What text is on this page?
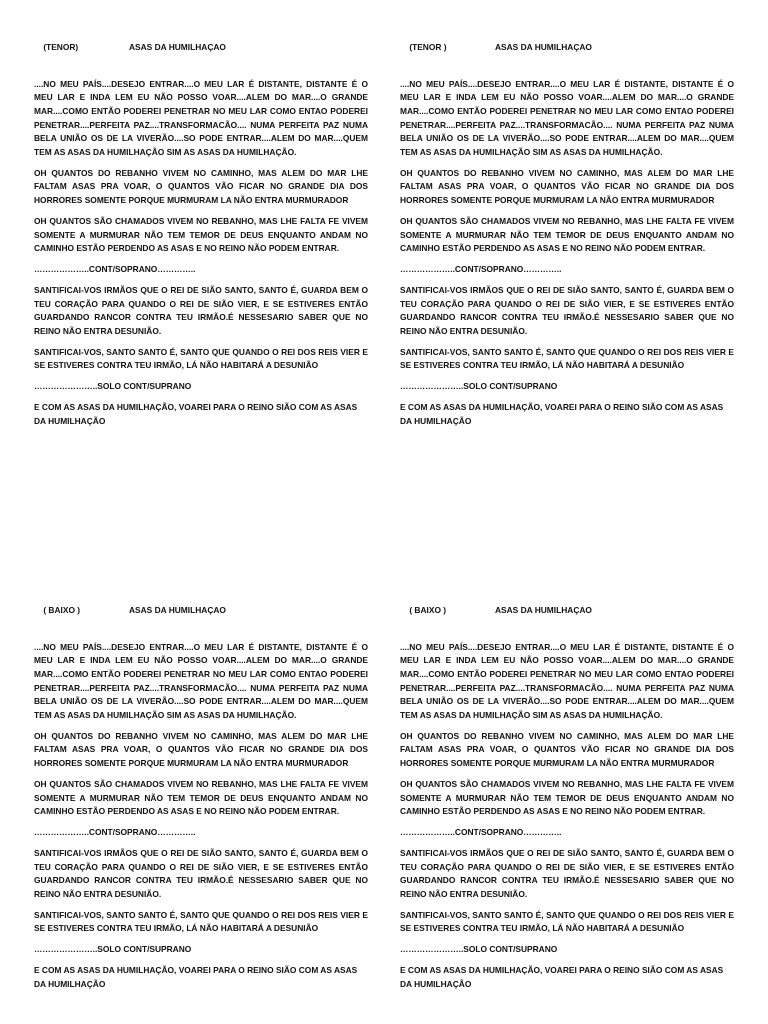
(TENOR)	ASAS DA HUMILHAÇAO

....NO MEU PAÍS....DESEJO ENTRAR....O MEU LAR É DISTANTE, DISTANTE É O MEU LAR E INDA LEM EU NÃO POSSO VOAR....ALEM DO MAR....O GRANDE MAR....COMO ENTÃO PODEREI PENETRAR NO MEU LAR COMO ENTAO PODEREI PENETRAR....PERFEITA PAZ....TRANSFORMACÃO.... NUMA PERFEITA PAZ NUMA BELA UNIÃO OS DE LA VIVERÃO....SO PODE ENTRAR....ALEM DO MAR....QUEM TEM AS ASAS DA HUMILHAÇÃO SIM AS ASAS DA HUMILHAÇÃO.

OH QUANTOS DO REBANHO VIVEM NO CAMINHO, MAS ALEM DO MAR LHE FALTAM ASAS PRA VOAR, O QUANTOS VÃO FICAR NO GRANDE DIA DOS HORRORES SOMENTE PORQUE MURMURAM LA NÃO ENTRA MURMURADOR

OH QUANTOS SÃO CHAMADOS VIVEM NO REBANHO, MAS LHE FALTA FE VIVEM SOMENTE A MURMURAR NÃO TEM TEMOR DE DEUS ENQUANTO ANDAM NO CAMINHO ESTÃO PERDENDO AS ASAS E NO REINO NÃO PODEM ENTRAR.

………………..CONT/SOPRANO…………..

SANTIFICAI-VOS IRMÃOS QUE O REI DE SIÃO SANTO, SANTO É, GUARDA BEM O TEU CORAÇÃO PARA QUANDO O REI DE SIÃO VIER, E SE ESTIVERES ENTÃO GUARDANDO RANCOR CONTRA TEU IRMÃO.É NESSESARIO SABER QUE NO REINO NÃO ENTRA DESUNIÃO.

SANTIFICAI-VOS, SANTO SANTO É, SANTO QUE QUANDO O REI DOS REIS VIER E SE ESTIVERES CONTRA TEU IRMÃO, LÁ NÃO HABITARÁ A DESUNIÃO

…………………..SOLO CONT/SUPRANO

E COM AS ASAS DA HUMILHAÇÃO, VOAREI PARA O REINO SIÃO COM AS ASAS DA HUMILHAÇÃO

(TENOR )	ASAS DA HUMILHAÇAO

....NO MEU PAÍS....DESEJO ENTRAR....O MEU LAR É DISTANTE, DISTANTE É O MEU LAR E INDA LEM EU NÃO POSSO VOAR....ALEM DO MAR....O GRANDE MAR....COMO ENTÃO PODEREI PENETRAR NO MEU LAR COMO ENTAO PODEREI PENETRAR....PERFEITA PAZ....TRANSFORMACÃO.... NUMA PERFEITA PAZ NUMA BELA UNIÃO OS DE LA VIVERÃO....SO PODE ENTRAR....ALEM DO MAR....QUEM TEM AS ASAS DA HUMILHAÇÃO SIM AS ASAS DA HUMILHAÇÃO.

OH QUANTOS DO REBANHO VIVEM NO CAMINHO, MAS ALEM DO MAR LHE FALTAM ASAS PRA VOAR, O QUANTOS VÃO FICAR NO GRANDE DIA DOS HORRORES SOMENTE PORQUE MURMURAM LA NÃO ENTRA MURMURADOR

OH QUANTOS SÃO CHAMADOS VIVEM NO REBANHO, MAS LHE FALTA FE VIVEM SOMENTE A MURMURAR NÃO TEM TEMOR DE DEUS ENQUANTO ANDAM NO CAMINHO ESTÃO PERDENDO AS ASAS E NO REINO NÃO PODEM ENTRAR.

………………..CONT/SOPRANO…………..

SANTIFICAI-VOS IRMÃOS QUE O REI DE SIÃO SANTO, SANTO É, GUARDA BEM O TEU CORAÇÃO PARA QUANDO O REI DE SIÃO VIER, E SE ESTIVERES ENTÃO GUARDANDO RANCOR CONTRA TEU IRMÃO.É NESSESARIO SABER QUE NO REINO NÃO ENTRA DESUNIÃO.

SANTIFICAI-VOS, SANTO SANTO É, SANTO QUE QUANDO O REI DOS REIS VIER E SE ESTIVERES CONTRA TEU IRMÃO, LÁ NÃO HABITARÁ A DESUNIÃO

…………………..SOLO CONT/SUPRANO

E COM AS ASAS DA HUMILHAÇÃO, VOAREI PARA O REINO SIÃO COM AS ASAS DA HUMILHAÇÃO

( BAIXO )	ASAS DA HUMILHAÇAO

....NO MEU PAÍS....DESEJO ENTRAR....O MEU LAR É DISTANTE, DISTANTE É O MEU LAR E INDA LEM EU NÃO POSSO VOAR....ALEM DO MAR....O GRANDE MAR....COMO ENTÃO PODEREI PENETRAR NO MEU LAR COMO ENTAO PODEREI PENETRAR....PERFEITA PAZ....TRANSFORMACÃO.... NUMA PERFEITA PAZ NUMA BELA UNIÃO OS DE LA VIVERÃO....SO PODE ENTRAR....ALEM DO MAR....QUEM TEM AS ASAS DA HUMILHAÇÃO SIM AS ASAS DA HUMILHAÇÃO.

OH QUANTOS DO REBANHO VIVEM NO CAMINHO, MAS ALEM DO MAR LHE FALTAM ASAS PRA VOAR, O QUANTOS VÃO FICAR NO GRANDE DIA DOS HORRORES SOMENTE PORQUE MURMURAM LA NÃO ENTRA MURMURADOR

OH QUANTOS SÃO CHAMADOS VIVEM NO REBANHO, MAS LHE FALTA FE VIVEM SOMENTE A MURMURAR NÃO TEM TEMOR DE DEUS ENQUANTO ANDAM NO CAMINHO ESTÃO PERDENDO AS ASAS E NO REINO NÃO PODEM ENTRAR.

………………..CONT/SOPRANO…………..

SANTIFICAI-VOS IRMÃOS QUE O REI DE SIÃO SANTO, SANTO É, GUARDA BEM O TEU CORAÇÃO PARA QUANDO O REI DE SIÃO VIER, E SE ESTIVERES ENTÃO GUARDANDO RANCOR CONTRA TEU IRMÃO.É NESSESARIO SABER QUE NO REINO NÃO ENTRA DESUNIÃO.

SANTIFICAI-VOS, SANTO SANTO É, SANTO QUE QUANDO O REI DOS REIS VIER E SE ESTIVERES CONTRA TEU IRMÃO, LÁ NÃO HABITARÁ A DESUNIÃO

…………………..SOLO CONT/SUPRANO

E COM AS ASAS DA HUMILHAÇÃO, VOAREI PARA O REINO SIÃO COM AS ASAS DA HUMILHAÇÃO

( BAIXO )	ASAS DA HUMILHAÇAO

....NO MEU PAÍS....DESEJO ENTRAR....O MEU LAR É DISTANTE, DISTANTE É O MEU LAR E INDA LEM EU NÃO POSSO VOAR....ALEM DO MAR....O GRANDE MAR....COMO ENTÃO PODEREI PENETRAR NO MEU LAR COMO ENTAO PODEREI PENETRAR....PERFEITA PAZ....TRANSFORMACÃO.... NUMA PERFEITA PAZ NUMA BELA UNIÃO OS DE LA VIVERÃO....SO PODE ENTRAR....ALEM DO MAR....QUEM TEM AS ASAS DA HUMILHAÇÃO SIM AS ASAS DA HUMILHAÇÃO.

OH QUANTOS DO REBANHO VIVEM NO CAMINHO, MAS ALEM DO MAR LHE FALTAM ASAS PRA VOAR, O QUANTOS VÃO FICAR NO GRANDE DIA DOS HORRORES SOMENTE PORQUE MURMURAM LA NÃO ENTRA MURMURADOR

OH QUANTOS SÃO CHAMADOS VIVEM NO REBANHO, MAS LHE FALTA FE VIVEM SOMENTE A MURMURAR NÃO TEM TEMOR DE DEUS ENQUANTO ANDAM NO CAMINHO ESTÃO PERDENDO AS ASAS E NO REINO NÃO PODEM ENTRAR.

………………..CONT/SOPRANO…………..

SANTIFICAI-VOS IRMÃOS QUE O REI DE SIÃO SANTO, SANTO É, GUARDA BEM O TEU CORAÇÃO PARA QUANDO O REI DE SIÃO VIER, E SE ESTIVERES ENTÃO GUARDANDO RANCOR CONTRA TEU IRMÃO.É NESSESARIO SABER QUE NO REINO NÃO ENTRA DESUNIÃO.

SANTIFICAI-VOS, SANTO SANTO É, SANTO QUE QUANDO O REI DOS REIS VIER E SE ESTIVERES CONTRA TEU IRMÃO, LÁ NÃO HABITARÁ A DESUNIÃO

…………………..SOLO CONT/SUPRANO

E COM AS ASAS DA HUMILHAÇÃO, VOAREI PARA O REINO SIÃO COM AS ASAS DA HUMILHAÇÃO
